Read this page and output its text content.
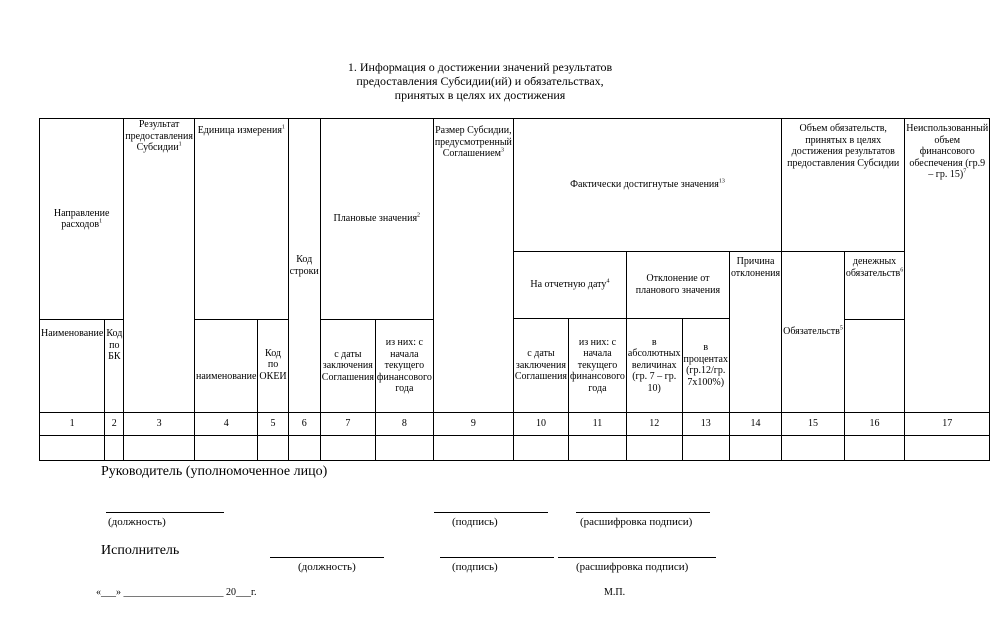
1. Информация о достижении значений результатов
предоставления Субсидии(ий) и обязательствах,
принятых в целях их достижения
Направление расходов$^1$		Результат предоставления Субсидии$^1$	Единица измерения$^1$		Код строки	Плановые значения$^2$		Размер Субсидии, предусмотренный Соглашением$^3$	Фактически достигнутые значения$^{13}$					Объем обязательств, принятых в целях достижения результатов предоставления Субсидии		Неиспользованный объем финансового обеспечения (гр.9 – гр. 15)$^7$
									На отчетную дату$^4$		Отклонение от планового значения		Причина отклонения	Обязательств$^5$	денежных обязательств$^6$
									с даты заключения Соглашения	из них: с начала текущего финансового года	в абсолютных величинах (гр. 7 – гр. 10)	в процентах (гр.12/гр. 7х100%)				
Наименование	Код по БК		наименование	Код по ОКЕИ		с даты заключения Соглашения	из них: с начала текущего финансового года								
1	2	3	4	5	6	7	8	9	10	11	12	13	14	15	16	17

Руководитель (уполномоченное лицо)
(должность)	(подпись)	(расшифровка подписи)
Исполнитель
(должность)	(подпись)	(расшифровка подписи)
«___» ____________________ 20___г.	М.П.
